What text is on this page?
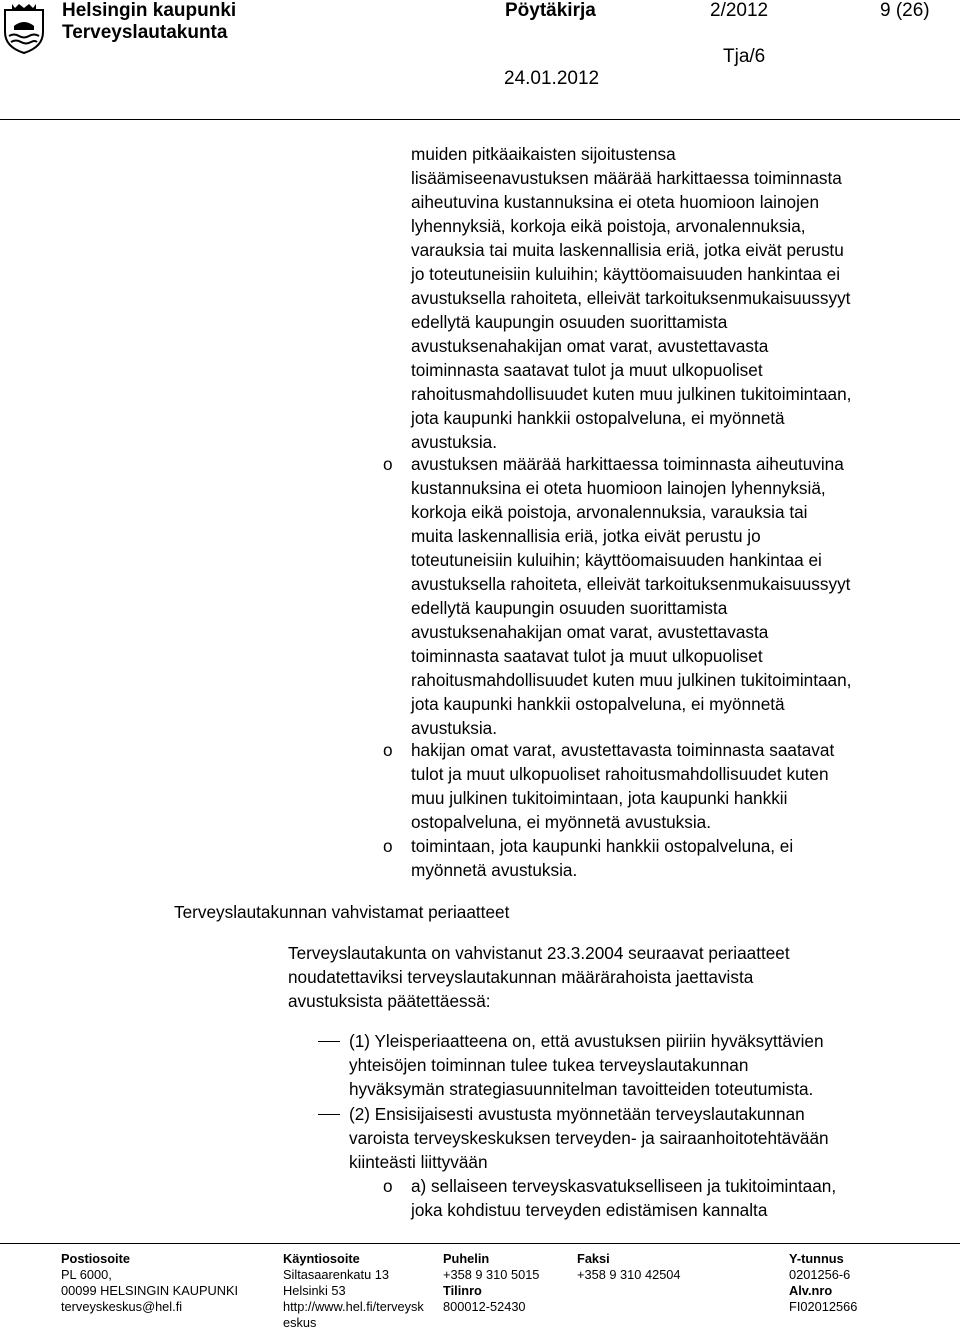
Helsingin kaupunki
Terveyslautakunta
Pöytäkirja	2/2012	9 (26)
Tja/6
24.01.2012
muiden pitkäaikaisten sijoitustensa
lisäämiseenavustuksen määrää harkittaessa toiminnasta
aiheutuvina kustannuksina ei oteta huomioon lainojen
lyhennyksiä, korkoja eikä poistoja, arvonalennuksia,
varauksia tai muita laskennallisia eriä, jotka eivät perustu
jo toteutuneisiin kuluihin; käyttöomaisuuden hankintaa ei
avustuksella rahoiteta, elleivät tarkoituksenmukaisuussyyt
edellytä kaupungin osuuden suorittamista
avustuksenahakijan omat varat, avustettavasta
toiminnasta saatavat tulot ja muut ulkopuoliset
rahoitusmahdollisuudet kuten muu julkinen tukitoimintaan,
jota kaupunki hankkii ostopalveluna, ei myönnetä
avustuksia.
o avustuksen määrää harkittaessa toiminnasta aiheutuvina
kustannuksina ei oteta huomioon lainojen lyhennyksiä,
korkoja eikä poistoja, arvonalennuksia, varauksia tai
muita laskennallisia eriä, jotka eivät perustu jo
toteutuneisiin kuluihin; käyttöomaisuuden hankintaa ei
avustuksella rahoiteta, elleivät tarkoituksenmukaisuussyyt
edellytä kaupungin osuuden suorittamista
avustuksenahakijan omat varat, avustettavasta
toiminnasta saatavat tulot ja muut ulkopuoliset
rahoitusmahdollisuudet kuten muu julkinen tukitoimintaan,
jota kaupunki hankkii ostopalveluna, ei myönnetä
avustuksia.
o hakijan omat varat, avustettavasta toiminnasta saatavat
tulot ja muut ulkopuoliset rahoitusmahdollisuudet kuten
muu julkinen tukitoimintaan, jota kaupunki hankkii
ostopalveluna, ei myönnetä avustuksia.
o toimintaan, jota kaupunki hankkii ostopalveluna, ei
myönnetä avustuksia.
Terveyslautakunnan vahvistamat periaatteet
Terveyslautakunta on vahvistanut 23.3.2004 seuraavat periaatteet
noudatettaviksi terveyslautakunnan määrärahoista jaettavista
avustuksista päätettäessä:
(1) Yleisperiaatteena on, että avustuksen piiriin hyväksyttävien
yhteisöjen toiminnan tulee tukea terveyslautakunnan
hyväksymän strategiasuunnitelman tavoitteiden toteutumista.
(2) Ensisijaisesti avustusta myönnetään terveyslautakunnan
varoista terveyskeskuksen terveyden- ja sairaanhoitotehtävään
kiinteästi liittyvään
o a) sellaiseen terveyskasvatukselliseen ja tukitoimintaan,
joka kohdistuu terveyden edistämisen kannalta
Postiosoite
PL 6000,
00099 HELSINGIN KAUPUNKI
terveyskeskus@hel.fi
Käyntiosoite
Siltasaarenkatu 13
Helsinki 53
http://www.hel.fi/terveysk
eskus
Puhelin
+358 9 310 5015
Tilinro
800012-52430
Faksi
+358 9 310 42504
Y-tunnus
0201256-6
Alv.nro
FI02012566
